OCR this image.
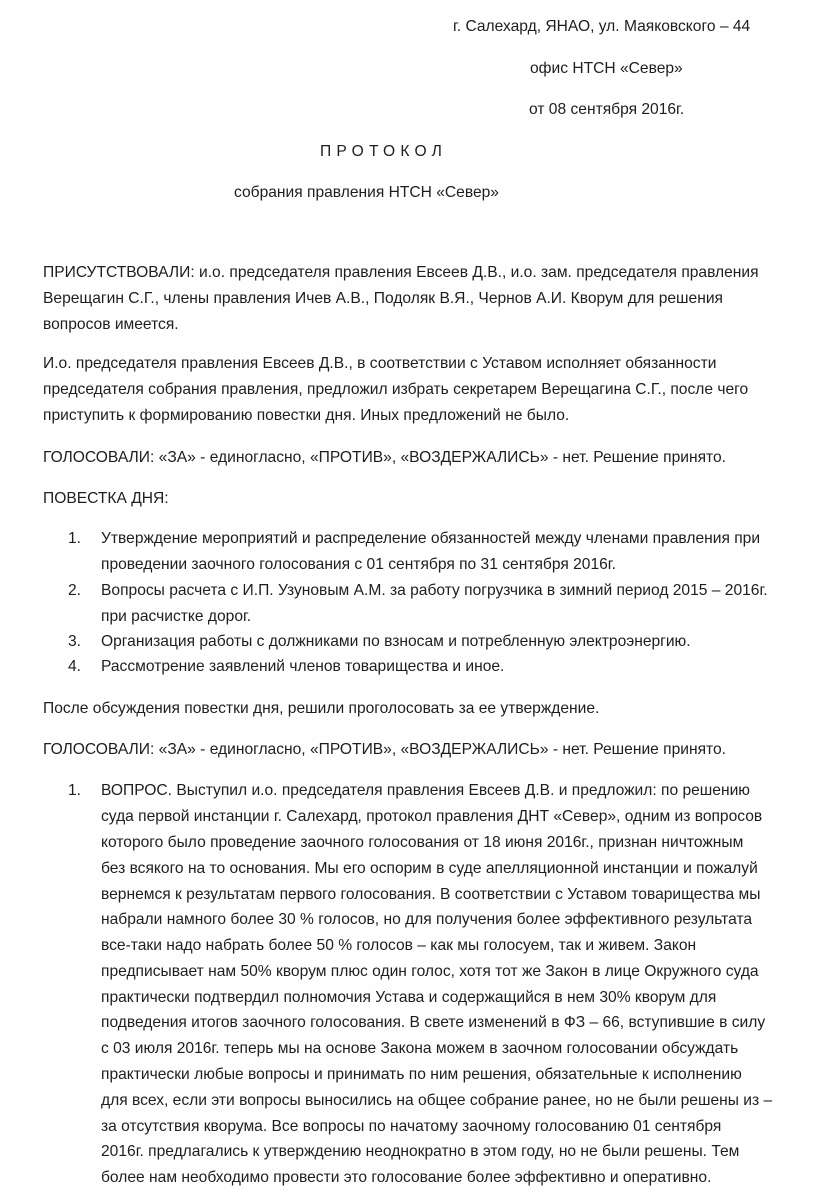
г. Салехард, ЯНАО, ул. Маяковского – 44
офис НТСН «Север»
от 08 сентября 2016г.
ПРОТОКОЛ
собрания правления НТСН «Север»
ПРИСУТСТВОВАЛИ: и.о. председателя правления Евсеев Д.В., и.о. зам. председателя правления
Верещагин С.Г., члены правления Ичев А.В., Подоляк В.Я., Чернов А.И. Кворум для решения
вопросов имеется.
И.о. председателя правления Евсеев Д.В., в соответствии с Уставом исполняет обязанности
председателя собрания правления, предложил избрать секретарем Верещагина С.Г., после чего
приступить к формированию повестки дня. Иных предложений не было.
ГОЛОСОВАЛИ: «ЗА» - единогласно, «ПРОТИВ», «ВОЗДЕРЖАЛИСЬ» - нет. Решение принято.
ПОВЕСТКА ДНЯ:
1. Утверждение мероприятий и распределение обязанностей между членами правления при
проведении заочного голосования с 01 сентября по 31 сентября 2016г.
2. Вопросы расчета с И.П. Узуновым А.М. за работу погрузчика в зимний период 2015 – 2016г.
при расчистке дорог.
3. Организация работы с должниками по взносам и потребленную электроэнергию.
4. Рассмотрение заявлений членов товарищества и иное.
После обсуждения повестки дня, решили проголосовать за ее утверждение.
ГОЛОСОВАЛИ: «ЗА» - единогласно, «ПРОТИВ», «ВОЗДЕРЖАЛИСЬ» - нет. Решение принято.
1. ВОПРОС. Выступил и.о. председателя правления Евсеев Д.В. и предложил: по решению
суда первой инстанции г. Салехард, протокол правления ДНТ «Север», одним из вопросов
которого было проведение заочного голосования от 18 июня 2016г., признан ничтожным
без всякого на то основания. Мы его оспорим в суде апелляционной инстанции и пожалуй
вернемся к результатам первого голосования. В соответствии с Уставом товарищества мы
набрали намного более 30 % голосов, но для получения более эффективного результата
все-таки надо набрать более 50 % голосов – как мы голосуем, так и живем. Закон
предписывает нам 50% кворум плюс один голос, хотя тот же Закон в лице Окружного суда
практически подтвердил полномочия Устава и содержащийся в нем 30% кворум для
подведения итогов заочного голосования. В свете изменений в ФЗ – 66, вступившие в силу
с 03 июля 2016г. теперь мы на основе Закона можем в заочном голосовании обсуждать
практически любые вопросы и принимать по ним решения, обязательные к исполнению
для всех, если эти вопросы выносились на общее собрание ранее, но не были решены из –
за отсутствия кворума. Все вопросы по начатому заочному голосованию 01 сентября
2016г. предлагались к утверждению неоднократно в этом году, но не были решены. Тем
более нам необходимо провести это голосование более эффективно и оперативно.
